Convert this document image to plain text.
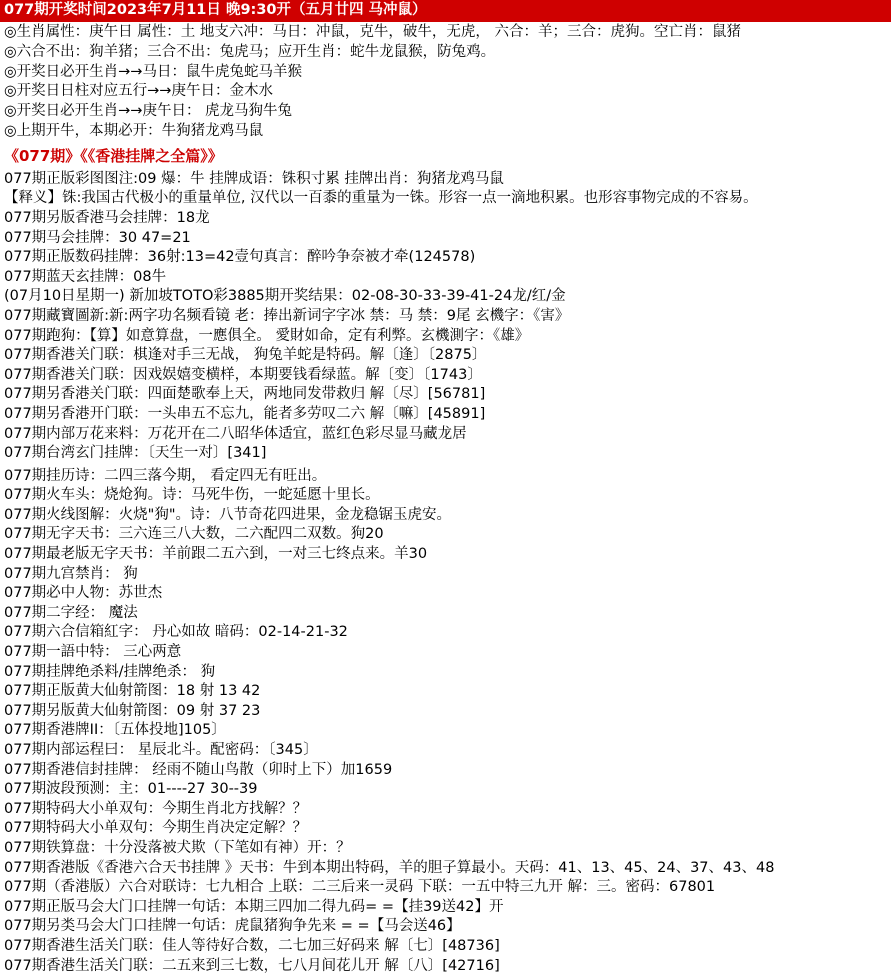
077期开奖时间2023年7月11日 晚9:30开（五月廿四 马冲鼠）
◎生肖属性：庚午日 属性：土 地支六冲：马日：冲鼠，克牛，破牛，无虎， 六合：羊；三合：虎狗。空亡肖：鼠猪
◎六合不出：狗羊猪；三合不出：兔虎马；应开生肖：蛇牛龙鼠猴，防兔鸡。
◎开奖日必开生肖→→马日：鼠牛虎兔蛇马羊猴
◎开奖日日柱对应五行→→庚午日：金木水
◎开奖日必开生肖→→庚午日： 虎龙马狗牛兔
◎上期开牛，本期必开：牛狗猪龙鸡马鼠
《077期》《《香港挂牌之全篇》》
077期正版彩图图注:09 爆：牛 挂牌成语：铢积寸累 挂牌出肖：狗猪龙鸡马鼠
【释义】铢:我国古代极小的重量单位, 汉代以一百黍的重量为一铢。形容一点一滴地积累。也形容事物完成的不容易。
077期另版香港马会挂牌：18龙
077期马会挂牌：30 47=21
077期正版数码挂牌：36射:13=42壹句真言：醉吟争奈被才牵(124578)
077期蓝天玄挂牌：08牛
(07月10日星期一) 新加坡TOTO彩3885期开奖结果：02-08-30-33-39-41-24龙/红/金
077期藏寶圖新:新:两字功名频看镜 老：捧出新词字字冰 禁：马 禁：9尾 玄機字：《害》
077期跑狗：【算】如意算盘，一應俱全。 愛財如命，定有利弊。玄機測字：《雄》
077期香港关门联：棋逢对手三无战， 狗兔羊蛇是特码。解〔逢〕〔2875〕
077期香港关门联：因戏娱嬉变横样，本期要钱看绿蓝。解〔变〕〔1743〕
077期另香港关门联：四面楚歌奉上天，两地同发带救归 解〔尽〕[56781]
077期另香港开门联：一头串五不忘九，能者多劳叹二六 解〔嘛〕[45891]
077期内部万花来料：万花开在二八昭华体适宜，蓝红色彩尽显马藏龙居
077期台湾玄门挂牌：〔天生一对〕[341]
077期挂历诗：二四三落今期， 看定四无有旺出。
077期火车头：烧炝狗。诗：马死牛伤，一蛇延愿十里长。
077期火线图解：火烧"狗"。诗：八节奇花四进果，金龙稳锯玉虎安。
077期无字天书：三六连三八大数，二六配四二双数。狗20
077期最老版无字天书：羊前跟二五六到，一对三七终点来。羊30
077期九宫禁肖： 狗
077期必中人物：苏世杰
077期二字经： 魔法
077期六合信箱紅字： 丹心如故 暗码：02-14-21-32
077期一語中特： 三心两意
077期挂牌绝杀料/挂牌绝杀： 狗
077期正版黄大仙射箭图：18 射 13 42
077期另版黄大仙射箭图：09 射 37 23
077期香港牌II：〔五体投地]105〕
077期内部运程曰： 星辰北斗。配密码：〔345〕
077期香港信封挂牌： 经雨不随山鸟散（卯时上下）加1659
077期波段预测：主：01----27 30--39
077期特码大小单双句：今期生肖北方找解？？
077期特码大小单双句：今期生肖决定定解？？
077期铁算盘：十分没落被犬欺（下笔如有神）开：？
077期香港版《香港六合天书挂牌 》天书：牛到本期出特码，羊的胆子算最小。天码：41、13、45、24、37、43、48
077期（香港版）六合对联诗：七九相合 上联：二三后来一灵码 下联：一五中特三九开 解：三。密码：67801
077期正版马会大门口挂牌一句话：本期三四加二得九码= =【挂39送42】开
077期另类马会大门口挂牌一句话：虎鼠猪狗争先来 = =【马会送46】
077期香港生活关门联：佳人等待好合数，二七加三好码来 解〔七〕[48736]
077期香港生活关门联：二五来到三七数，七八月间花儿开 解〔八〕[42716]
